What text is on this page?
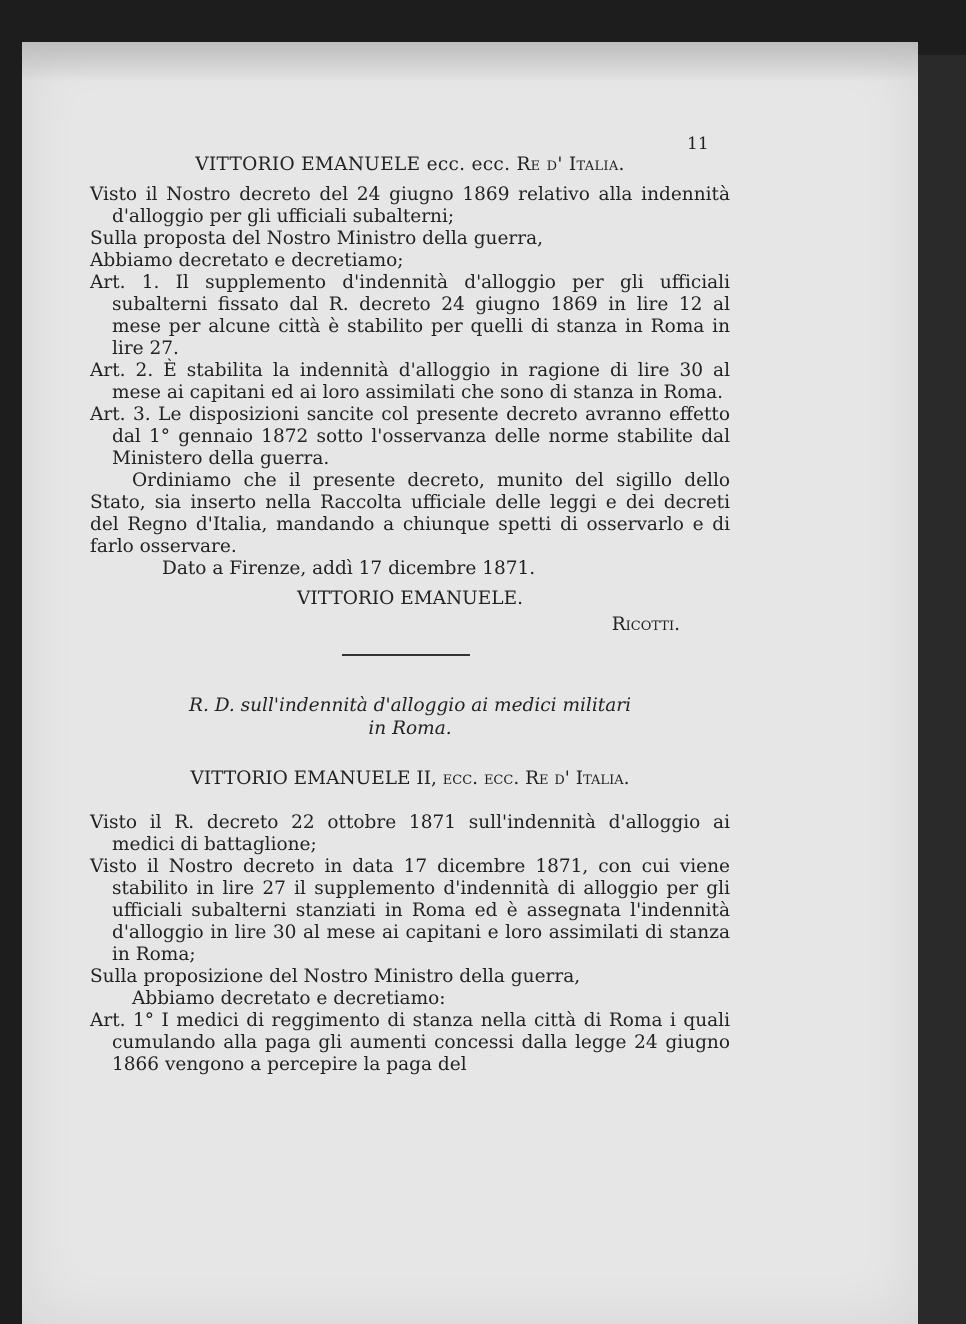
11
VITTORIO EMANUELE ecc. ecc. Re d' Italia.

Visto il Nostro decreto del 24 giugno 1869 relativo alla indennità d'alloggio per gli ufficiali subalterni;

Sulla proposta del Nostro Ministro della guerra,

Abbiamo decretato e decretiamo;

Art. 1. Il supplemento d'indennità d'alloggio per gli ufficiali subalterni fissato dal R. decreto 24 giugno 1869 in lire 12 al mese per alcune città è stabilito per quelli di stanza in Roma in lire 27.

Art. 2. È stabilita la indennità d'alloggio in ragione di lire 30 al mese ai capitani ed ai loro assimilati che sono di stanza in Roma.

Art. 3. Le disposizioni sancite col presente decreto avranno effetto dal 1° gennaio 1872 sotto l'osservanza delle norme stabilite dal Ministero della guerra.

Ordiniamo che il presente decreto, munito del sigillo dello Stato, sia inserto nella Raccolta ufficiale delle leggi e dei decreti del Regno d'Italia, mandando a chiunque spetti di osservarlo e di farlo osservare.

Dato a Firenze, addì 17 dicembre 1871.

VITTORIO EMANUELE.
Ricotti.
R. D. sull'indennità d'alloggio ai medici militari
in Roma.
VITTORIO EMANUELE II, ecc. ecc. Re d' Italia.

Visto il R. decreto 22 ottobre 1871 sull'indennità d'alloggio ai medici di battaglione;

Visto il Nostro decreto in data 17 dicembre 1871, con cui viene stabilito in lire 27 il supplemento d'indennità di alloggio per gli ufficiali subalterni stanziati in Roma ed è assegnata l'indennità d'alloggio in lire 30 al mese ai capitani e loro assimilati di stanza in Roma;

Sulla proposizione del Nostro Ministro della guerra,

Abbiamo decretato e decretiamo:

Art. 1° I medici di reggimento di stanza nella città di Roma i quali cumulando alla paga gli aumenti concessi dalla legge 24 giugno 1866 vengono a percepire la paga del
